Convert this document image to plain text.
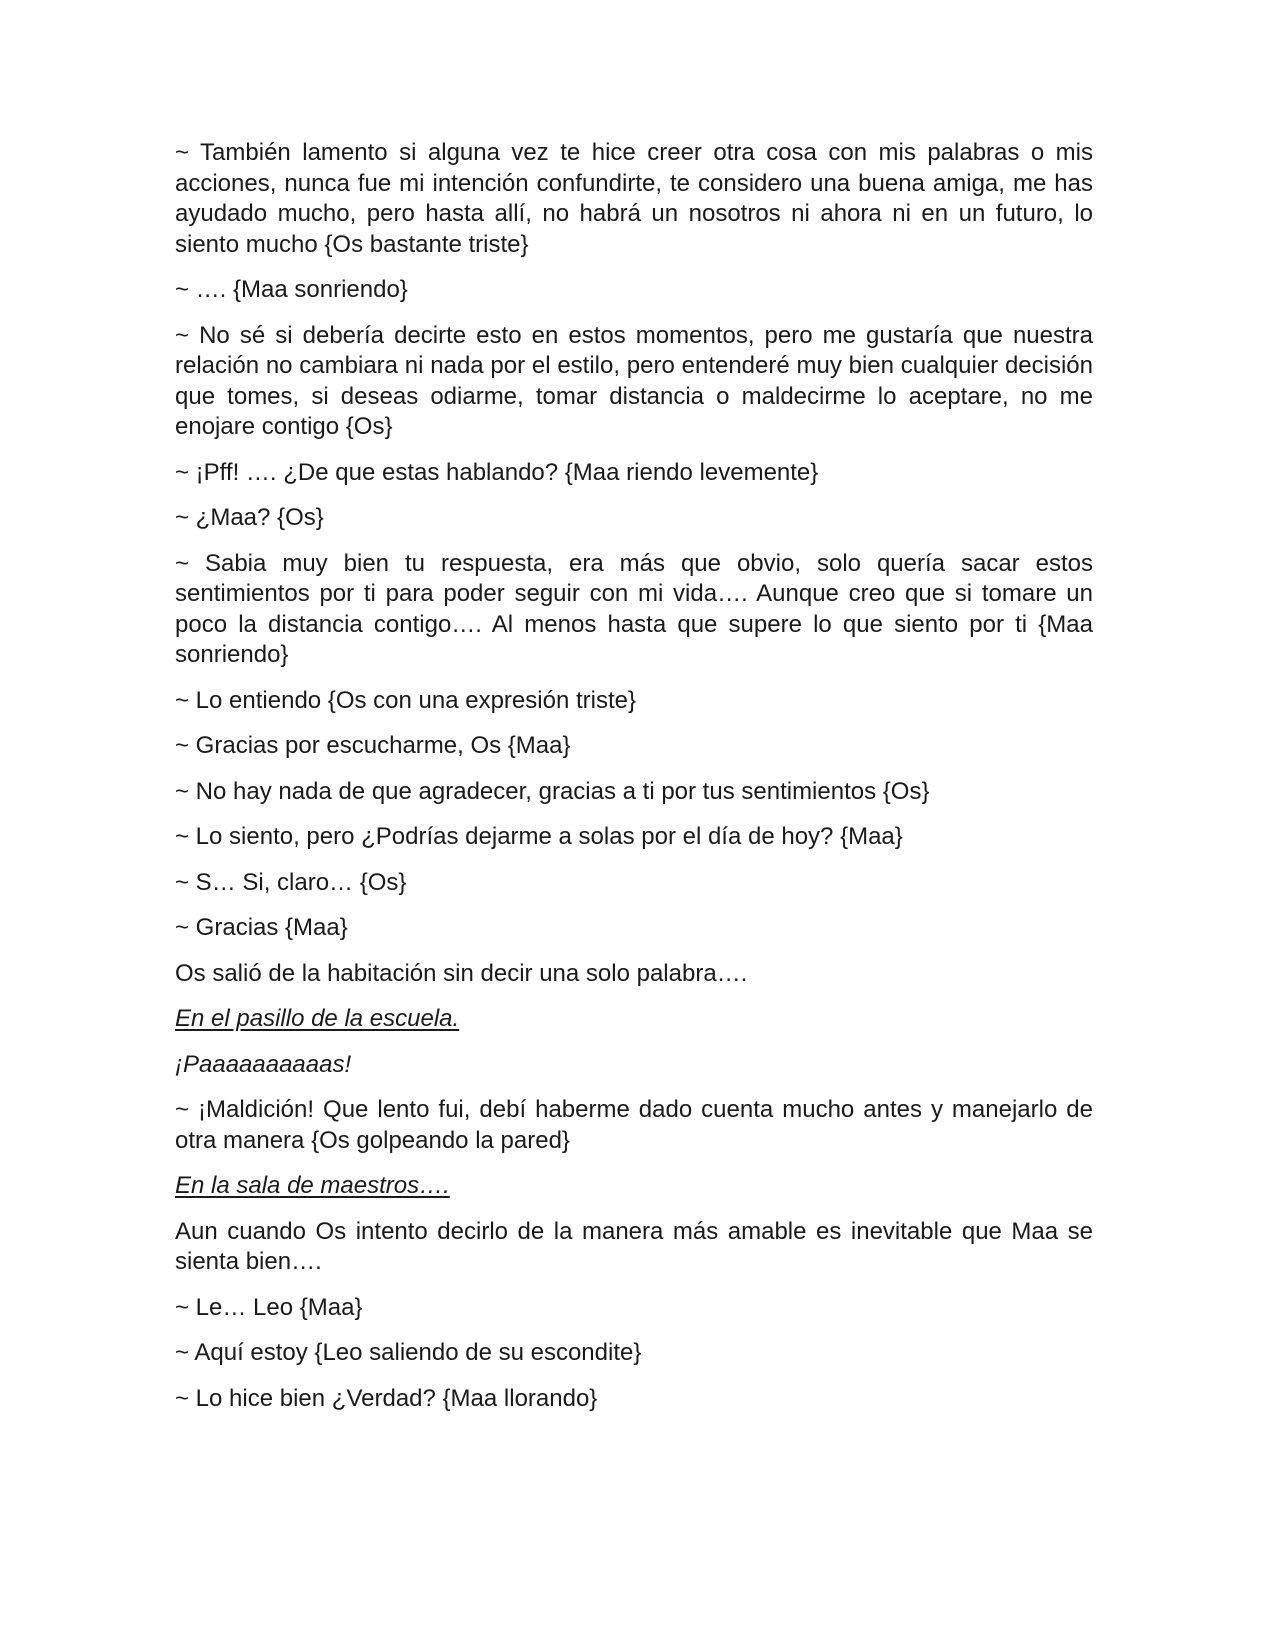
~ También lamento si alguna vez te hice creer otra cosa con mis palabras o mis acciones, nunca fue mi intención confundirte, te considero una buena amiga, me has ayudado mucho, pero hasta allí, no habrá un nosotros ni ahora ni en un futuro, lo siento mucho {Os bastante triste}

~ …. {Maa sonriendo}

~ No sé si debería decirte esto en estos momentos, pero me gustaría que nuestra relación no cambiara ni nada por el estilo, pero entenderé muy bien cualquier decisión que tomes, si deseas odiarme, tomar distancia o maldecirme lo aceptare, no me enojare contigo {Os}

~ ¡Pff! …. ¿De que estas hablando? {Maa riendo levemente}

~ ¿Maa? {Os}

~ Sabia muy bien tu respuesta, era más que obvio, solo quería sacar estos sentimientos por ti para poder seguir con mi vida…. Aunque creo que si tomare un poco la distancia contigo…. Al menos hasta que supere lo que siento por ti {Maa sonriendo}

~ Lo entiendo {Os con una expresión triste}

~ Gracias por escucharme, Os {Maa}

~ No hay nada de que agradecer, gracias a ti por tus sentimientos {Os}

~ Lo siento, pero ¿Podrías dejarme a solas por el día de hoy? {Maa}

~ S… Si, claro… {Os}

~ Gracias {Maa}

Os salió de la habitación sin decir una solo palabra….

En el pasillo de la escuela.

¡Paaaaaaaaaas!

~ ¡Maldición! Que lento fui, debí haberme dado cuenta mucho antes y manejarlo de otra manera {Os golpeando la pared}

En la sala de maestros….

Aun cuando Os intento decirlo de la manera más amable es inevitable que Maa se sienta bien….

~ Le… Leo {Maa}

~ Aquí estoy {Leo saliendo de su escondite}

~ Lo hice bien ¿Verdad? {Maa llorando}
